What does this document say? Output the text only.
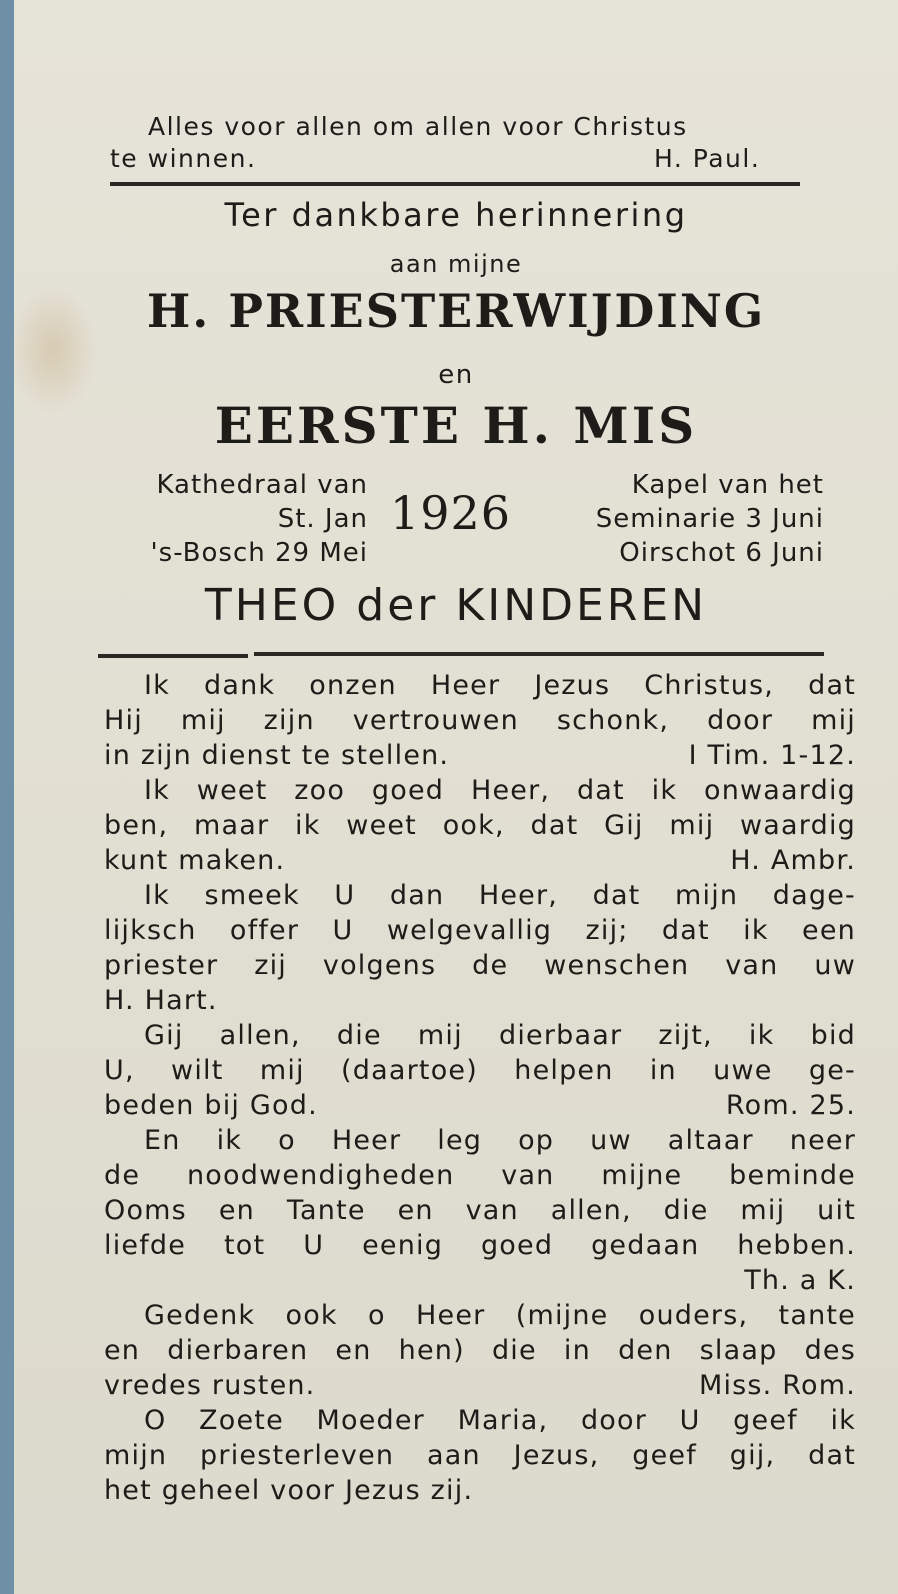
Alles voor allen om allen voor Christus
te winnen.	H. Paul.
Ter dankbare herinnering
aan mijne
H. PRIESTERWIJDING
en
EERSTE H. MIS
Kathedraal van
St. Jan
's-Bosch 29 Mei
1926
Kapel van het
Seminarie 3 Juni
Oirschot 6 Juni
THEO der KINDEREN
Ik dank onzen Heer Jezus Christus, dat
Hij mij zijn vertrouwen schonk, door mij
in zijn dienst te stellen.	I Tim. 1-12.
Ik weet zoo goed Heer, dat ik onwaardig
ben, maar ik weet ook, dat Gij mij waardig
kunt maken.	H. Ambr.
Ik smeek U dan Heer, dat mijn dage-
lijksch offer U welgevallig zij; dat ik een
priester zij volgens de wenschen van uw
H. Hart.
Gij allen, die mij dierbaar zijt, ik bid
U, wilt mij (daartoe) helpen in uwe ge-
beden bij God.	Rom. 25.
En ik o Heer leg op uw altaar neer
de noodwendigheden van mijne beminde
Ooms en Tante en van allen, die mij uit
liefde tot U eenig goed gedaan hebben.
Th. a K.
Gedenk ook o Heer (mijne ouders, tante
en dierbaren en hen) die in den slaap des
vredes rusten.	Miss. Rom.
O Zoete Moeder Maria, door U geef ik
mijn priesterleven aan Jezus, geef gij, dat
het geheel voor Jezus zij.
